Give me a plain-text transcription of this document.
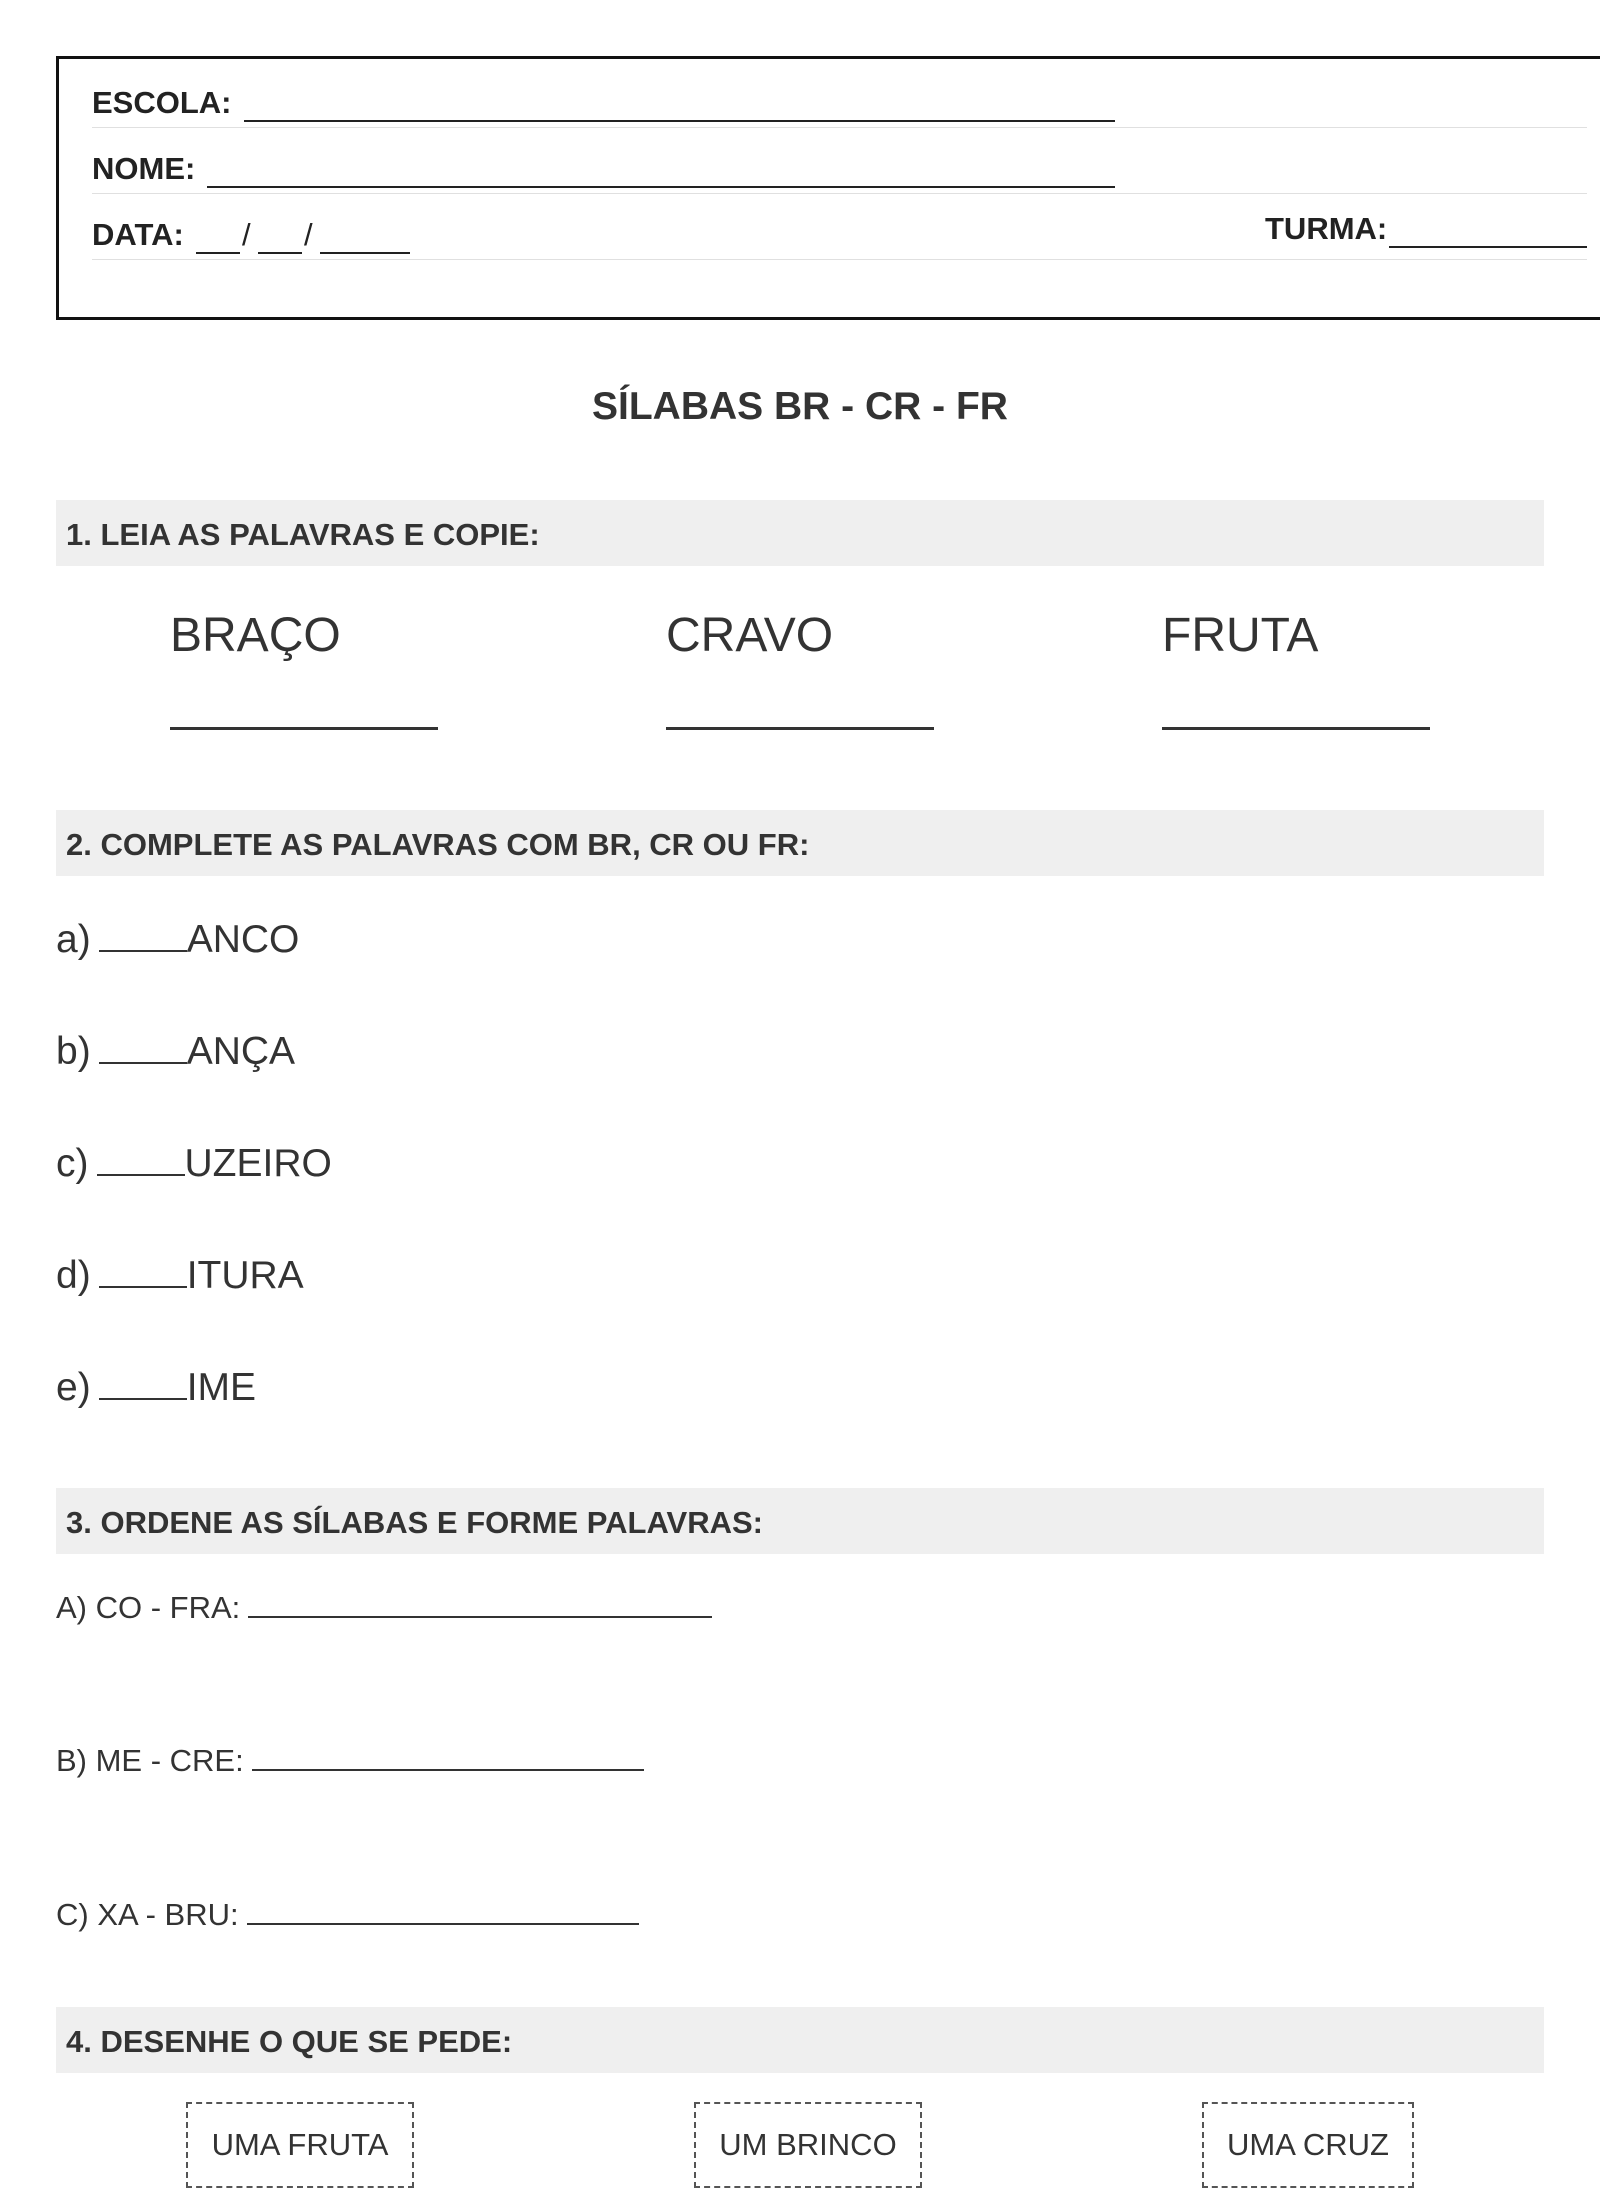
ESCOLA:
NOME:
DATA: / /	TURMA:
SÍLABAS BR - CR - FR
1. LEIA AS PALAVRAS E COPIE:
BRAÇO	CRAVO	FRUTA
2. COMPLETE AS PALAVRAS COM BR, CR OU FR:
a) ANCO
b) ANÇA
c) UZEIRO
d) ITURA
e) IME
3. ORDENE AS SÍLABAS E FORME PALAVRAS:
A) CO - FRA:
B) ME - CRE:
C) XA - BRU:
4. DESENHE O QUE SE PEDE:
UMA FRUTA	UM BRINCO	UMA CRUZ
